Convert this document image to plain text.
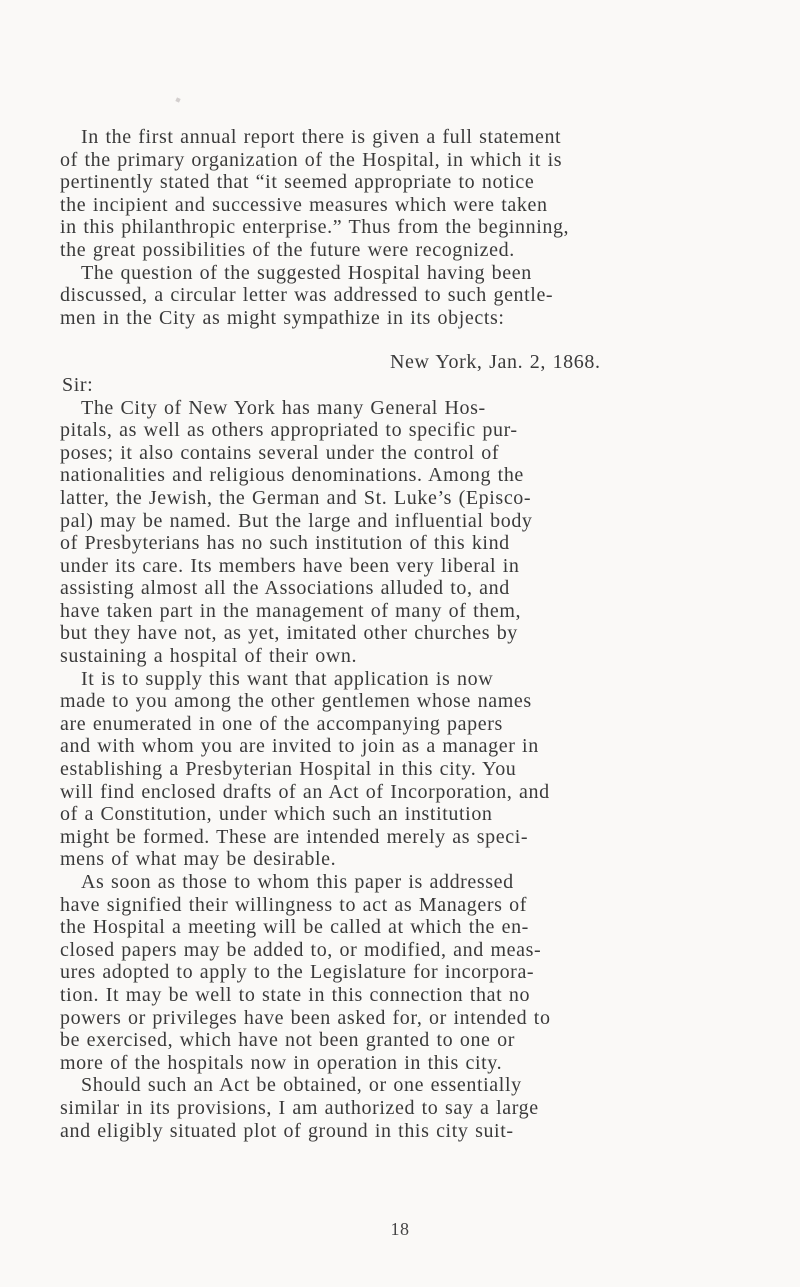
In the first annual report there is given a full statement
of the primary organization of the Hospital, in which it is
pertinently stated that “it seemed appropriate to notice
the incipient and successive measures which were taken
in this philanthropic enterprise.” Thus from the beginning,
the great possibilities of the future were recognized.
The question of the suggested Hospital having been
discussed, a circular letter was addressed to such gentle-
men in the City as might sympathize in its objects:
New York, Jan. 2, 1868.
Sir:
The City of New York has many General Hos-
pitals, as well as others appropriated to specific pur-
poses; it also contains several under the control of
nationalities and religious denominations. Among the
latter, the Jewish, the German and St. Luke’s (Episco-
pal) may be named. But the large and influential body
of Presbyterians has no such institution of this kind
under its care. Its members have been very liberal in
assisting almost all the Associations alluded to, and
have taken part in the management of many of them,
but they have not, as yet, imitated other churches by
sustaining a hospital of their own.
It is to supply this want that application is now
made to you among the other gentlemen whose names
are enumerated in one of the accompanying papers
and with whom you are invited to join as a manager in
establishing a Presbyterian Hospital in this city. You
will find enclosed drafts of an Act of Incorporation, and
of a Constitution, under which such an institution
might be formed. These are intended merely as speci-
mens of what may be desirable.
As soon as those to whom this paper is addressed
have signified their willingness to act as Managers of
the Hospital a meeting will be called at which the en-
closed papers may be added to, or modified, and meas-
ures adopted to apply to the Legislature for incorpora-
tion. It may be well to state in this connection that no
powers or privileges have been asked for, or intended to
be exercised, which have not been granted to one or
more of the hospitals now in operation in this city.
Should such an Act be obtained, or one essentially
similar in its provisions, I am authorized to say a large
and eligibly situated plot of ground in this city suit-
18
